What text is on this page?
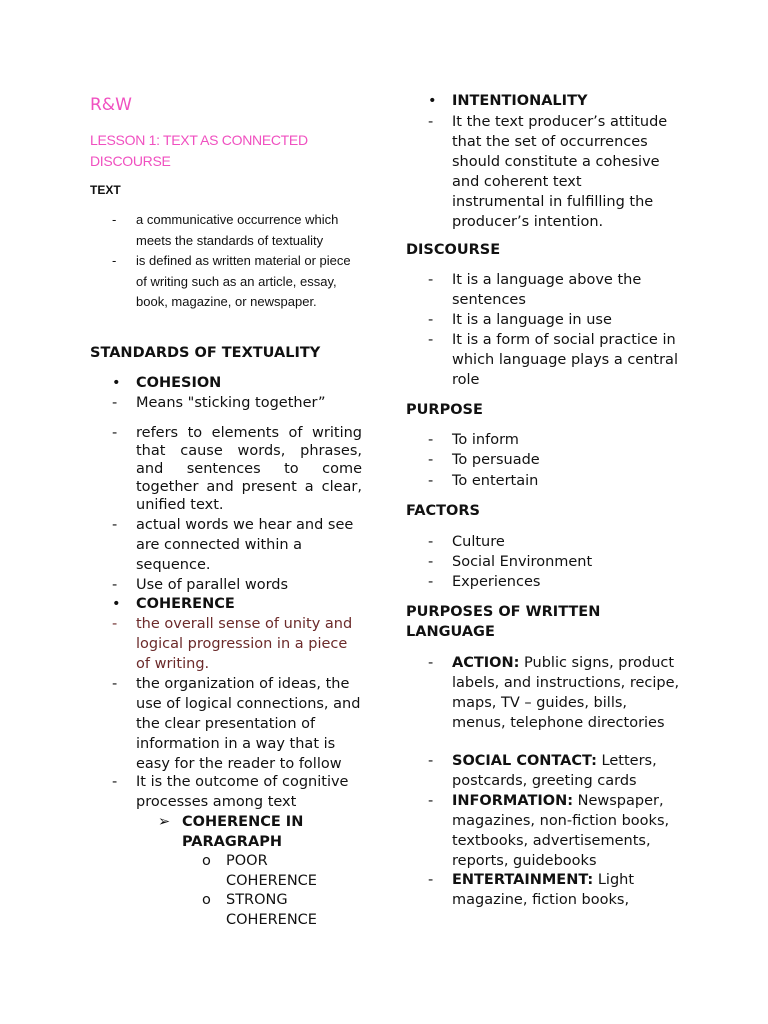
R&W
LESSON 1: TEXT AS CONNECTED DISCOURSE
TEXT
-	a communicative occurrence which meets the standards of textuality
-	is defined as written material or piece of writing such as an article, essay, book, magazine, or newspaper.
STANDARDS OF TEXTUALITY
•	COHESION
-	Means "sticking together”
-	refers to elements of writing that cause words, phrases, and sentences to come together and present a clear, unified text.
-	actual words we hear and see are connected within a sequence.
-	Use of parallel words
•	COHERENCE
-	the overall sense of unity and logical progression in a piece of writing.
-	the organization of ideas, the use of logical connections, and the clear presentation of information in a way that is easy for the reader to follow
-	It is the outcome of cognitive processes among text
➢ COHERENCE IN PARAGRAPH
o	POOR COHERENCE
o	STRONG COHERENCE
•	INTENTIONALITY
-	It the text producer’s attitude that the set of occurrences should constitute a cohesive and coherent text instrumental in fulfilling the producer’s intention.
DISCOURSE
-	It is a language above the sentences
-	It is a language in use
-	It is a form of social practice in which language plays a central role
PURPOSE
-	To inform
-	To persuade
-	To entertain
FACTORS
-	Culture
-	Social Environment
-	Experiences
PURPOSES OF WRITTEN LANGUAGE
-	ACTION: Public signs, product labels, and instructions, recipe, maps, TV – guides, bills, menus, telephone directories
-	SOCIAL CONTACT: Letters, postcards, greeting cards
-	INFORMATION: Newspaper, magazines, non-fiction books, textbooks, advertisements, reports, guidebooks
-	ENTERTAINMENT: Light magazine, fiction books,
